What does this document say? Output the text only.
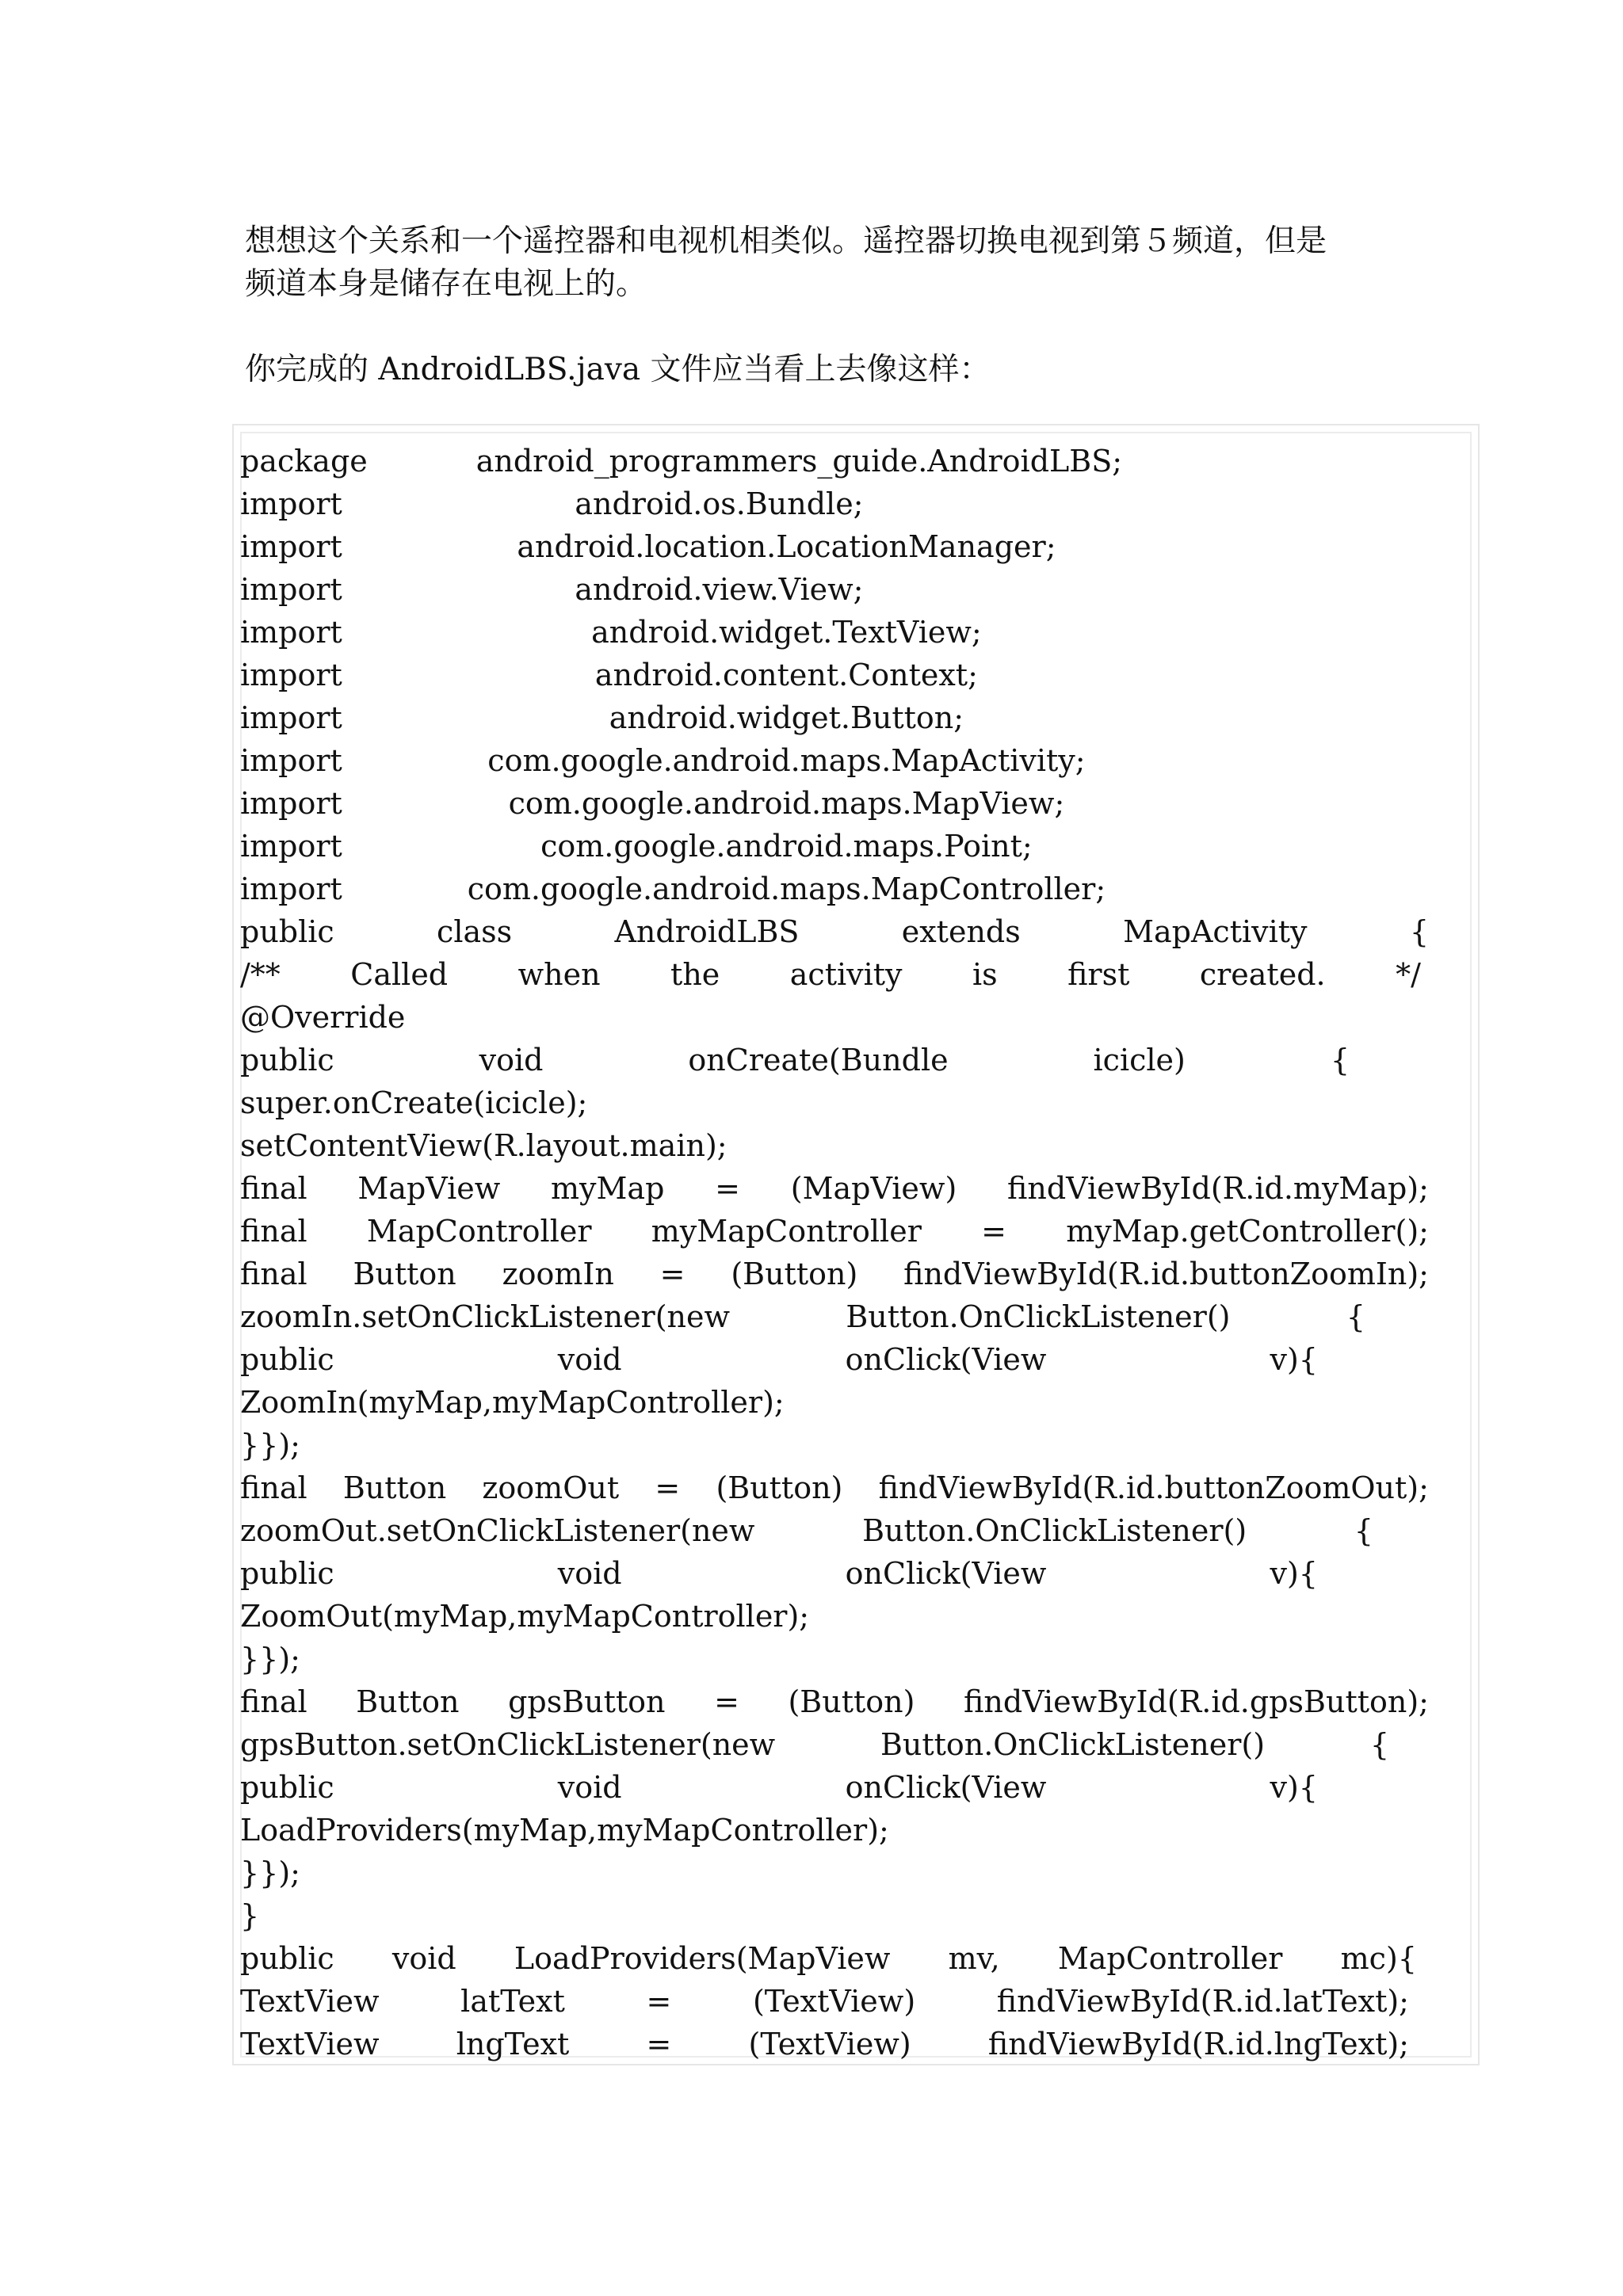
想想这个关系和一个遥控器和电视机相类似。遥控器切换电视到第５频道，但是
频道本身是储存在电视上的。
你完成的 AndroidLBS.java 文件应当看上去像这样：
package	android_programmers_guide.AndroidLBS;
import	android.os.Bundle;
import	android.location.LocationManager;
import	android.view.View;
import	android.widget.TextView;
import	android.content.Context;
import	android.widget.Button;
import	com.google.android.maps.MapActivity;
import	com.google.android.maps.MapView;
import	com.google.android.maps.Point;
import	com.google.android.maps.MapController;
public	class	AndroidLBS	extends	MapActivity	{
/** Called when the activity is first created. */
@Override
public	void	onCreate(Bundle	icicle)	{
super.onCreate(icicle);
setContentView(R.layout.main);
final MapView myMap = (MapView) findViewById(R.id.myMap);
final MapController myMapController = myMap.getController();
final Button zoomIn = (Button) findViewById(R.id.buttonZoomIn);
zoomIn.setOnClickListener(new	Button.OnClickListener()	{
public	void	onClick(View	v){
ZoomIn(myMap,myMapController);
}});
final Button zoomOut = (Button) findViewById(R.id.buttonZoomOut);
zoomOut.setOnClickListener(new	Button.OnClickListener()	{
public	void	onClick(View	v){
ZoomOut(myMap,myMapController);
}});
final Button gpsButton = (Button) findViewById(R.id.gpsButton);
gpsButton.setOnClickListener(new	Button.OnClickListener()	{
public	void	onClick(View	v){
LoadProviders(myMap,myMapController);
}});
}
public void LoadProviders(MapView mv, MapController mc){
TextView	latText	=	(TextView)	findViewById(R.id.latText);
TextView	lngText	=	(TextView)	findViewById(R.id.lngText);
